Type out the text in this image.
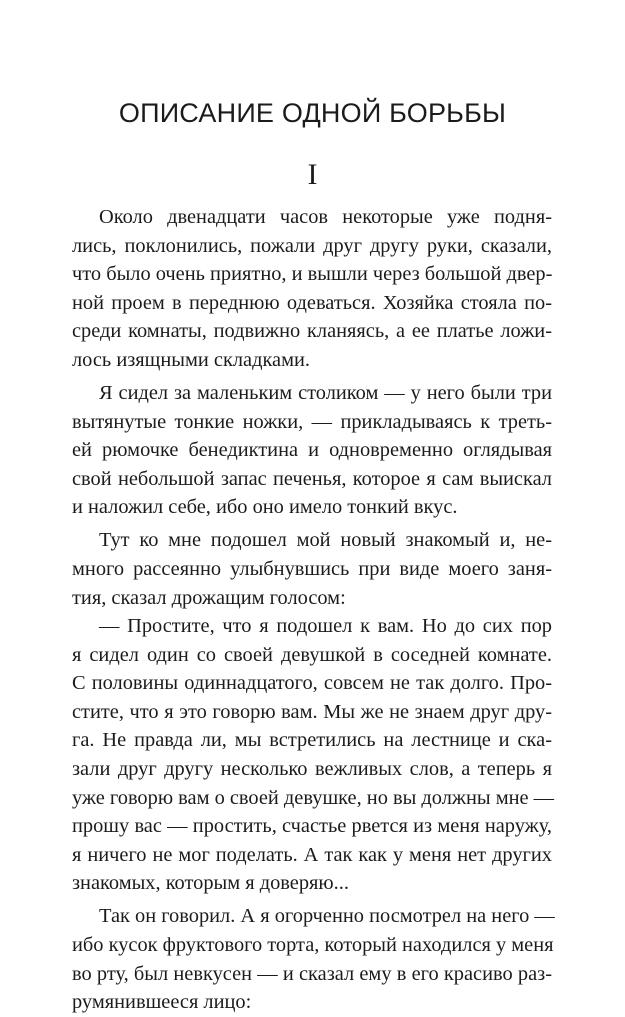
ОПИСАНИЕ ОДНОЙ БОРЬБЫ
I
Около двенадцати часов некоторые уже подня-
лись, поклонились, пожали друг другу руки, сказали,
что было очень приятно, и вышли через большой двер-
ной проем в переднюю одеваться. Хозяйка стояла по-
среди комнаты, подвижно кланяясь, а ее платье ложи-
лось изящными складками.
Я сидел за маленьким столиком — у него были три
вытянутые тонкие ножки, — прикладываясь к треть-
ей рюмочке бенедиктина и одновременно оглядывая
свой небольшой запас печенья, которое я сам выискал
и наложил себе, ибо оно имело тонкий вкус.
Тут ко мне подошел мой новый знакомый и, не-
много рассеянно улыбнувшись при виде моего заня-
тия, сказал дрожащим голосом:
— Простите, что я подошел к вам. Но до сих пор
я сидел один со своей девушкой в соседней комнате.
С половины одиннадцатого, совсем не так долго. Про-
стите, что я это говорю вам. Мы же не знаем друг дру-
га. Не правда ли, мы встретились на лестнице и ска-
зали друг другу несколько вежливых слов, а теперь я
уже говорю вам о своей девушке, но вы должны мне —
прошу вас — простить, счастье рвется из меня наружу,
я ничего не мог поделать. А так как у меня нет других
знакомых, которым я доверяю...
Так он говорил. А я огорченно посмотрел на него —
ибо кусок фруктового торта, который находился у меня
во рту, был невкусен — и сказал ему в его красиво раз-
румянившееся лицо:
